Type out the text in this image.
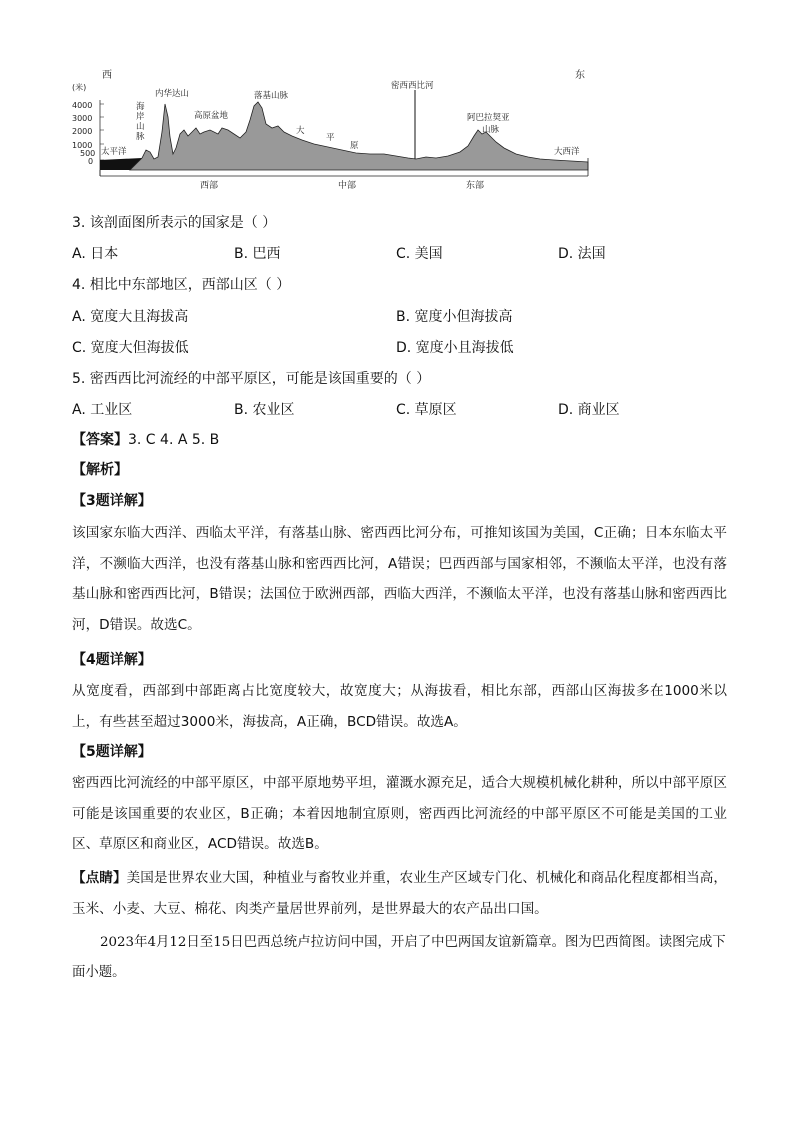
西	东
(米)
4000
3000
2000
1000
500
0
太平洋
海
岸
山
脉
内华达山
高原盆地
落基山脉
大
平
原
密西西比河
阿巴拉契亚
山脉
大西洋
西部	中部	东部
3. 该剖面图所表示的国家是（ ）
A. 日本	B. 巴西	C. 美国	D. 法国
4. 相比中东部地区，西部山区（ ）
A. 宽度大且海拔高	B. 宽度小但海拔高
C. 宽度大但海拔低	D. 宽度小且海拔低
5. 密西西比河流经的中部平原区，可能是该国重要的（ ）
A. 工业区	B. 农业区	C. 草原区	D. 商业区
【答案】3. C 4. A 5. B
【解析】
【3题详解】
该国家东临大西洋、西临太平洋，有落基山脉、密西西比河分布，可推知该国为美国，C正确；日本东临太平洋，不濒临大西洋，也没有落基山脉和密西西比河，A错误；巴西西部与国家相邻，不濒临太平洋，也没有落基山脉和密西西比河，B错误；法国位于欧洲西部，西临大西洋，不濒临太平洋，也没有落基山脉和密西西比河，D错误。故选C。
【4题详解】
从宽度看，西部到中部距离占比宽度较大，故宽度大；从海拔看，相比东部，西部山区海拔多在1000米以上，有些甚至超过3000米，海拔高，A正确，BCD错误。故选A。
【5题详解】
密西西比河流经的中部平原区，中部平原地势平坦，灌溉水源充足，适合大规模机械化耕种，所以中部平原区可能是该国重要的农业区，B正确；本着因地制宜原则，密西西比河流经的中部平原区不可能是美国的工业区、草原区和商业区，ACD错误。故选B。
【点睛】美国是世界农业大国，种植业与畜牧业并重，农业生产区域专门化、机械化和商品化程度都相当高，玉米、小麦、大豆、棉花、肉类产量居世界前列，是世界最大的农产品出口国。
2023年4月12日至15日巴西总统卢拉访问中国，开启了中巴两国友谊新篇章。图为巴西简图。读图完成下面小题。
